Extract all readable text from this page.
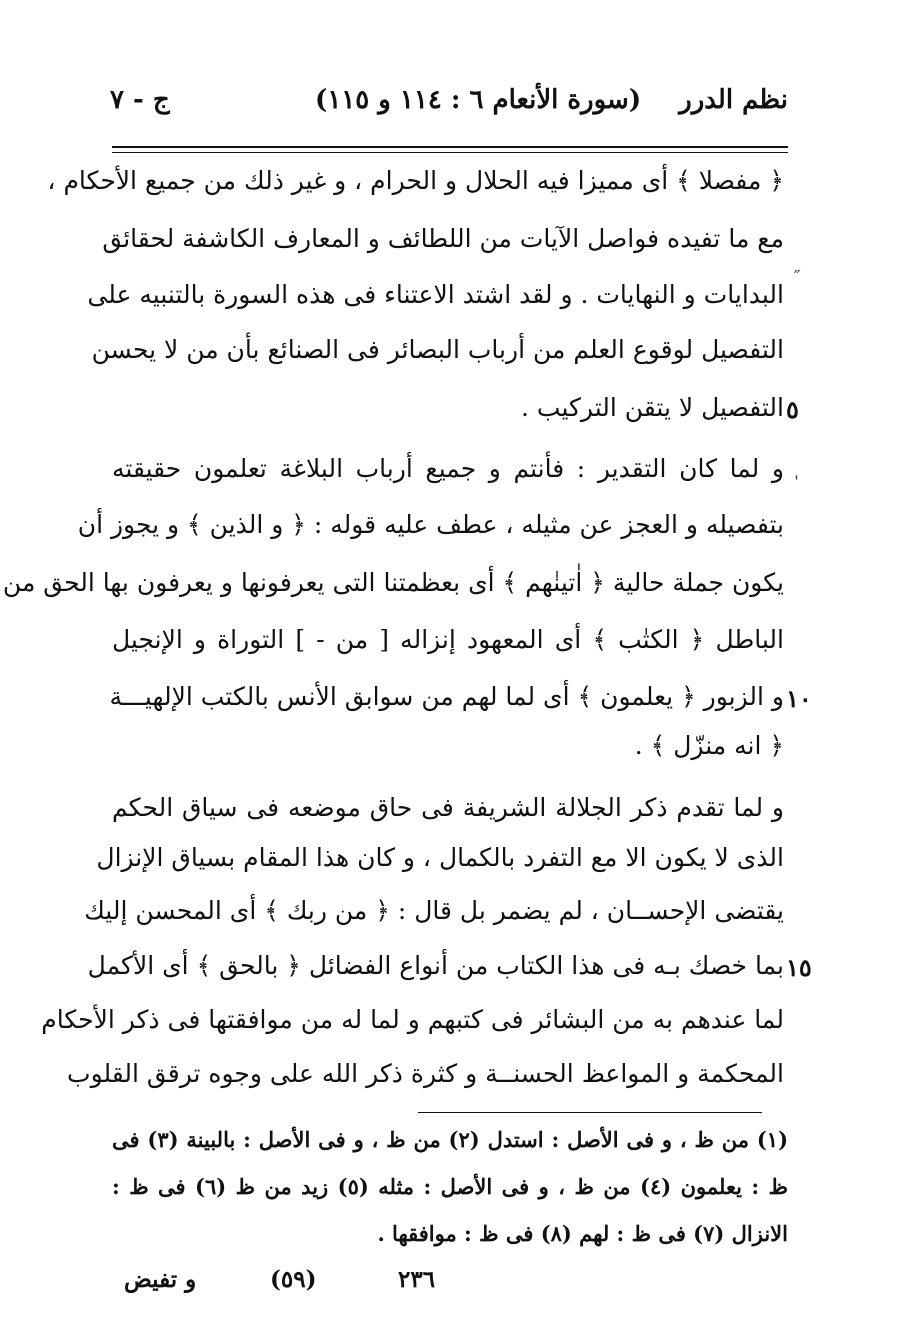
نظم الدرر
(سورة الأنعام ٦ : ١١٤ و ١١٥)
ج - ٧
﴿ مفصلا ﴾ أى مميزا فيه الحلال و الحرام ، و غير ذلك من جميع الأحكام ،
مع ما تفيده فواصل الآيات من اللطائف و المعارف الكاشفة لحقائق
البدايات و النهايات . و لقد اشتد الاعتناء فى هذه السورة بالتنبيه على
التفصيل لوقوع العلم من أرباب البصائر فى الصنائع بأن من لا يحسن
التفصيل لا يتقن التركيب .
و لما كان التقدير : فأنتم و جميع أرباب البلاغة تعلمون حقيقته
بتفصيله و العجز عن مثيله ، عطف عليه قوله : ﴿ و الذين ﴾ و يجوز أن
يكون جملة حالية ﴿ اٰتينٰهم ﴾ أى بعظمتنا التى يعرفونها و يعرفون بها الحق من
الباطل ﴿ الكتٰب ﴾ أى المعهود إنزاله [ من - ] التوراة و الإنجيل
و الزبور ﴿ يعلمون ﴾ أى لما لهم من سوابق الأنس بالكتب الإلهيـــة
﴿ انه منزّل ﴾ .
و لما تقدم ذكر الجلالة الشريفة فى حاق موضعه فى سياق الحكم
الذى لا يكون الا مع التفرد بالكمال ، و كان هذا المقام بسياق الإنزال
يقتضى الإحســان ، لم يضمر بل قال : ﴿ من ربك ﴾ أى المحسن إليك
بما خصك بـه فى هذا الكتاب من أنواع الفضائل ﴿ بالحق ﴾ أى الأكمل
لما عندهم به من البشائر فى كتبهم و لما له من موافقتها فى ذكر الأحكام
المحكمة و المواعظ الحسنــة و كثرة ذكر الله على وجوه ترقق القلوب
٥
١٠
١٥
˝
ˈ
(١) من ظ ، و فى الأصل : استدل (٢) من ظ ، و فى الأصل : بالبينة (٣) فى
ظ : يعلمون (٤) من ظ ، و فى الأصل : مثله (٥) زيد من ظ (٦) فى ظ :
الانزال (٧) فى ظ : لهم (٨) فى ظ : موافقها .
٢٣٦
(٥٩)
و تفيض
